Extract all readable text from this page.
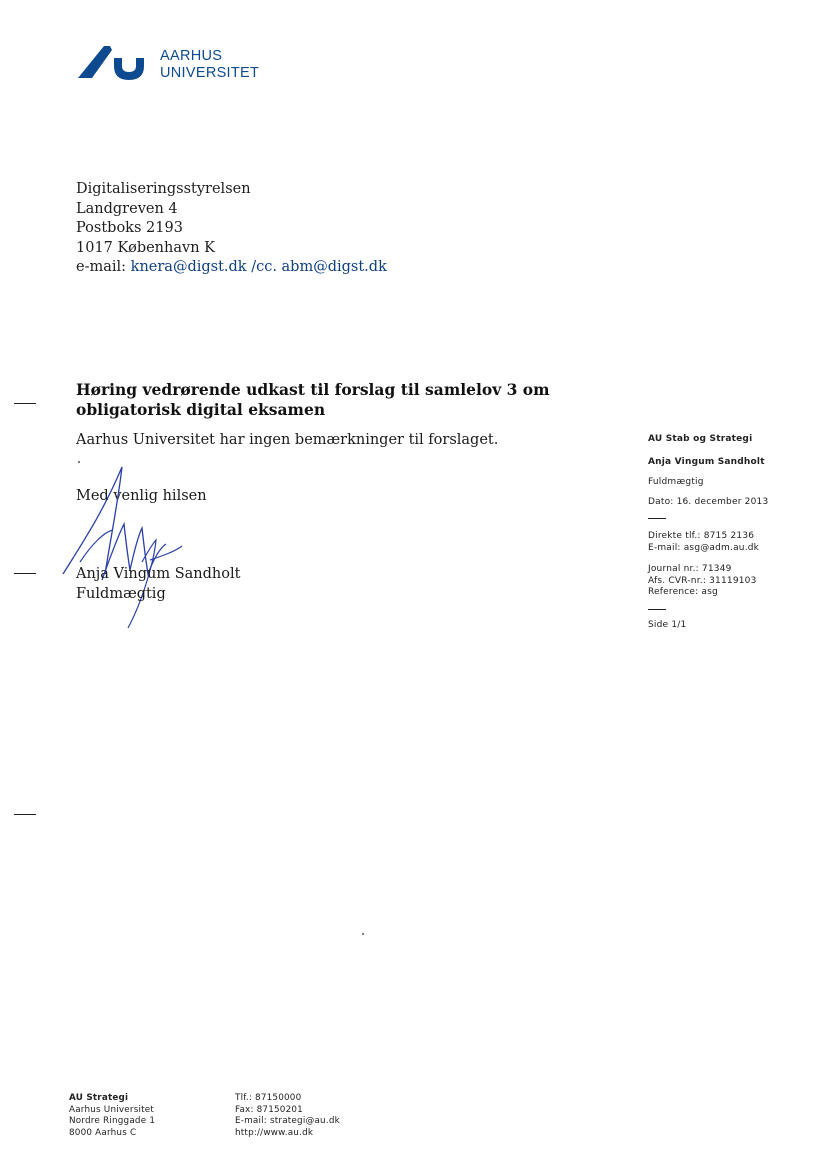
AARHUS
UNIVERSITET
Digitaliseringsstyrelsen
Landgreven 4
Postboks 2193
1017 København K
e-mail: knera@digst.dk /cc. abm@digst.dk
Høring vedrørende udkast til forslag til samlelov 3 om obligatorisk digital eksamen
Aarhus Universitet har ingen bemærkninger til forslaget.
Med venlig hilsen
Anja Vingum Sandholt
Fuldmægtig
AU Stab og Strategi
Anja Vingum Sandholt
Fuldmægtig
Dato: 16. december 2013
Direkte tlf.: 8715 2136
E-mail: asg@adm.au.dk
Journal nr.: 71349
Afs. CVR-nr.: 31119103
Reference: asg
Side 1/1
AU Strategi
Aarhus Universitet
Nordre Ringgade 1
8000 Aarhus C
Tlf.: 87150000
Fax: 87150201
E-mail: strategi@au.dk
http://www.au.dk
